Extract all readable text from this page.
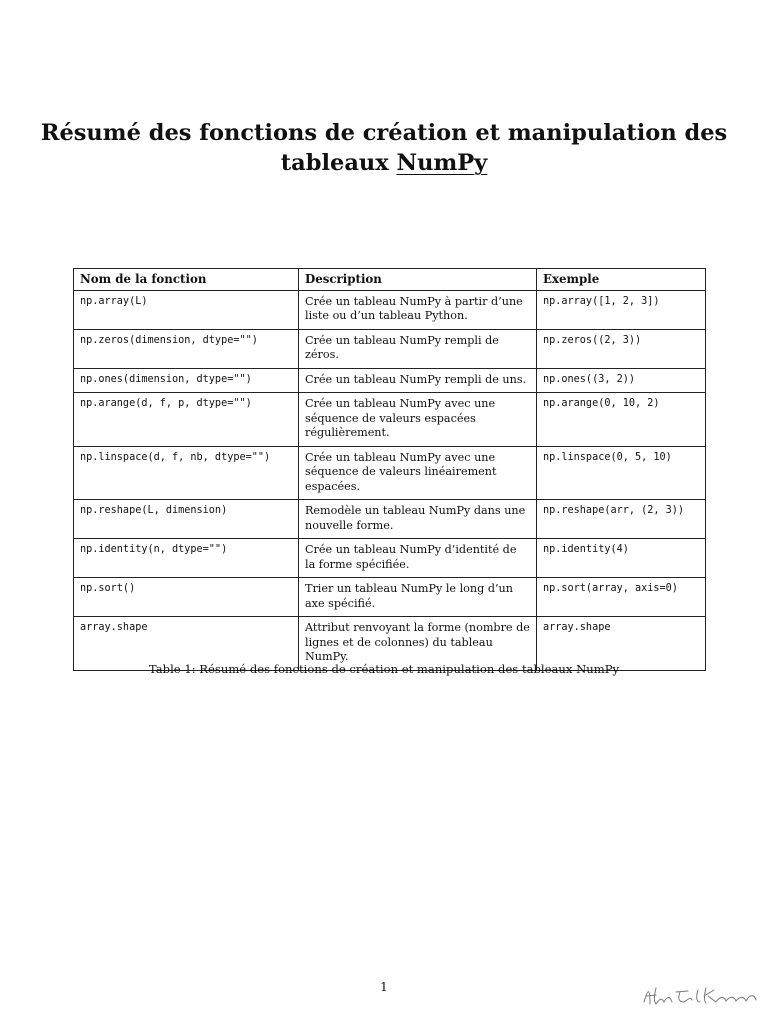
Résumé des fonctions de création et manipulation des
tableaux NumPy
Nom de la fonction	Description	Exemple
np.array(L)	Crée un tableau NumPy à partir d’une liste ou d’un tableau Python.	np.array([1, 2, 3])
np.zeros(dimension, dtype="")	Crée un tableau NumPy rempli de zéros.	np.zeros((2, 3))
np.ones(dimension, dtype="")	Crée un tableau NumPy rempli de uns.	np.ones((3, 2))
np.arange(d, f, p, dtype="")	Crée un tableau NumPy avec une séquence de valeurs espacées régulièrement.	np.arange(0, 10, 2)
np.linspace(d, f, nb, dtype="")	Crée un tableau NumPy avec une séquence de valeurs linéairement espacées.	np.linspace(0, 5, 10)
np.reshape(L, dimension)	Remodèle un tableau NumPy dans une nouvelle forme.	np.reshape(arr, (2, 3))
np.identity(n, dtype="")	Crée un tableau NumPy d’identité de la forme spécifiée.	np.identity(4)
np.sort()	Trier un tableau NumPy le long d’un axe spécifié.	np.sort(array, axis=0)
array.shape	Attribut renvoyant la forme (nombre de lignes et de colonnes) du tableau NumPy.	array.shape
Table 1: Résumé des fonctions de création et manipulation des tableaux NumPy
1
